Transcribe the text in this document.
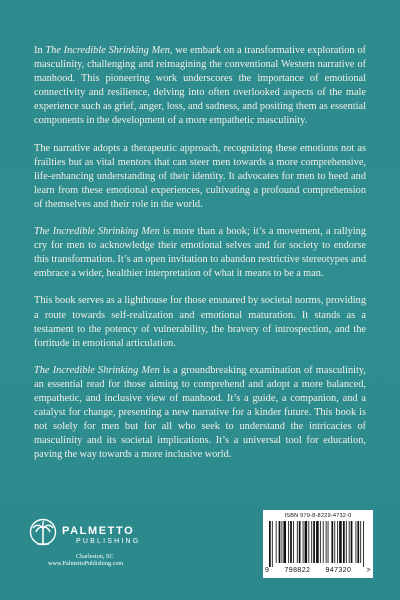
In The Incredible Shrinking Men, we embark on a transformative exploration of masculinity, challenging and reimagining the conventional Western narrative of manhood. This pioneering work underscores the importance of emotional connectivity and resilience, delving into often overlooked aspects of the male experience such as grief, anger, loss, and sadness, and positing them as essential components in the development of a more empathetic masculinity.

The narrative adopts a therapeutic approach, recognizing these emotions not as frailties but as vital mentors that can steer men towards a more comprehensive, life-enhancing understanding of their identity. It advocates for men to heed and learn from these emotional experiences, cultivating a profound comprehension of themselves and their role in the world.

The Incredible Shrinking Men is more than a book; it’s a movement, a rallying cry for men to acknowledge their emotional selves and for society to endorse this transformation. It’s an open invitation to abandon restrictive stereotypes and embrace a wider, healthier interpretation of what it means to be a man.

This book serves as a lighthouse for those ensnared by societal norms, providing a route towards self-realization and emotional maturation. It stands as a testament to the potency of vulnerability, the bravery of introspection, and the fortitude in emotional articulation.

The Incredible Shrinking Men is a groundbreaking examination of masculinity, an essential read for those aiming to comprehend and adopt a more balanced, empathetic, and inclusive view of manhood. It’s a guide, a companion, and a catalyst for change, presenting a new narrative for a kinder future. This book is not solely for men but for all who seek to understand the intricacies of masculinity and its societal implications. It’s a universal tool for education, paving the way towards a more inclusive world.

PALMETTO
PUBLISHING
Charleston, SC
www.PalmettoPublishing.com
ISBN 979-8-8229-4732-0
9 798822 947320 >
